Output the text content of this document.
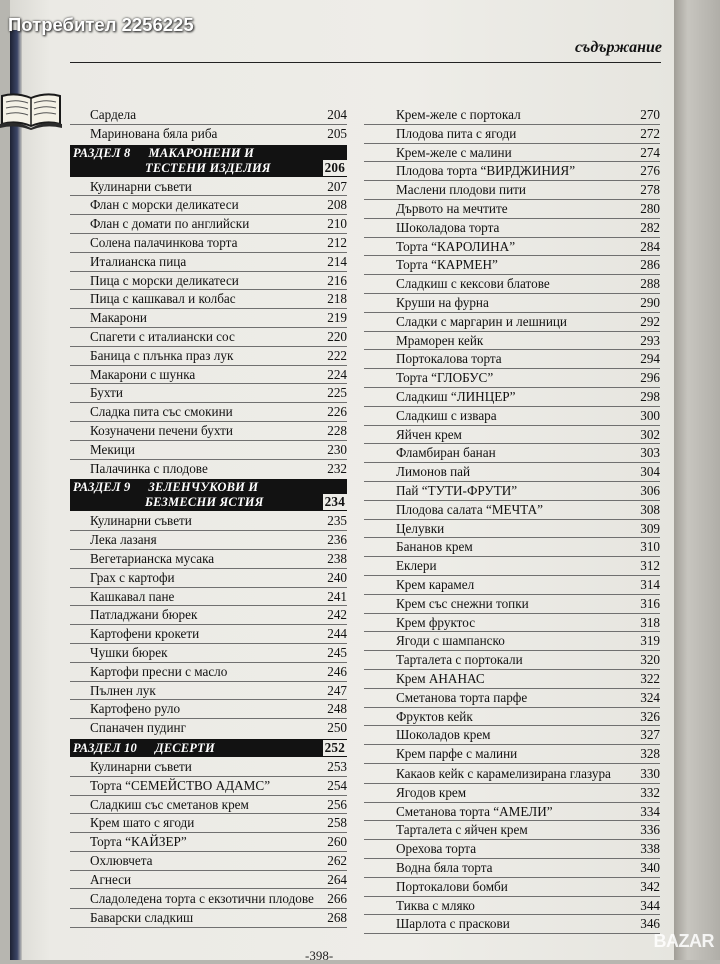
Потребител 2256225
съдържание
Сардела	204
Маринована бяла риба	205
РАЗДЕЛ 8 МАКАРОНЕНИ И
ТЕСТЕНИ ИЗДЕЛИЯ	206
Кулинарни съвети	207
Флан с морски деликатеси	208
Флан с домати по английски	210
Солена палачинкова торта	212
Италианска пица	214
Пица с морски деликатеси	216
Пица с кашкавал и колбас	218
Макарони	219
Спагети с италиански сос	220
Баница с плънка праз лук	222
Макарони с шунка	224
Бухти	225
Сладка пита със смокини	226
Козуначени печени бухти	228
Мекици	230
Палачинка с плодове	232
РАЗДЕЛ 9 ЗЕЛЕНЧУКОВИ И
БЕЗМЕСНИ ЯСТИЯ	234
Кулинарни съвети	235
Лека лазаня	236
Вегетарианска мусака	238
Грах с картофи	240
Кашкавал пане	241
Патладжани бюрек	242
Картофени крокети	244
Чушки бюрек	245
Картофи пресни с масло	246
Пълнен лук	247
Картофено руло	248
Спаначен пудинг	250
РАЗДЕЛ 10 ДЕСЕРТИ	252
Кулинарни съвети	253
Торта “СЕМЕЙСТВО АДАМС”	254
Сладкиш със сметанов крем	256
Крем шато с ягоди	258
Торта “КАЙЗЕР”	260
Охлювчета	262
Агнеси	264
Сладоледена торта с екзотични плодове	266
Баварски сладкиш	268
Крем-желе с портокал	270
Плодова пита с ягоди	272
Крем-желе с малини	274
Плодова торта “ВИРДЖИНИЯ”	276
Маслени плодови пити	278
Дървото на мечтите	280
Шоколадова торта	282
Торта “КАРОЛИНА”	284
Торта “КАРМЕН”	286
Сладкиш с кексови блатове	288
Круши на фурна	290
Сладки с маргарин и лешници	292
Мраморен кейк	293
Портокалова торта	294
Торта “ГЛОБУС”	296
Сладкиш “ЛИНЦЕР”	298
Сладкиш с извара	300
Яйчен крем	302
Фламбиран банан	303
Лимонов пай	304
Пай “ТУТИ-ФРУТИ”	306
Плодова салата “МЕЧТА”	308
Целувки	309
Бананов крем	310
Еклери	312
Крем карамел	314
Крем със снежни топки	316
Крем фруктос	318
Ягоди с шампанско	319
Тарталета с портокали	320
Крем АНАНАС	322
Сметанова торта парфе	324
Фруктов кейк	326
Шоколадов крем	327
Крем парфе с малини	328
Какаов кейк с карамелизирана глазура	330
Ягодов крем	332
Сметанова торта “АМЕЛИ”	334
Тарталета с яйчен крем	336
Орехова торта	338
Водна бяла торта	340
Портокалови бомби	342
Тиква с мляко	344
Шарлота с праскови	346
-398-
BAZAR
